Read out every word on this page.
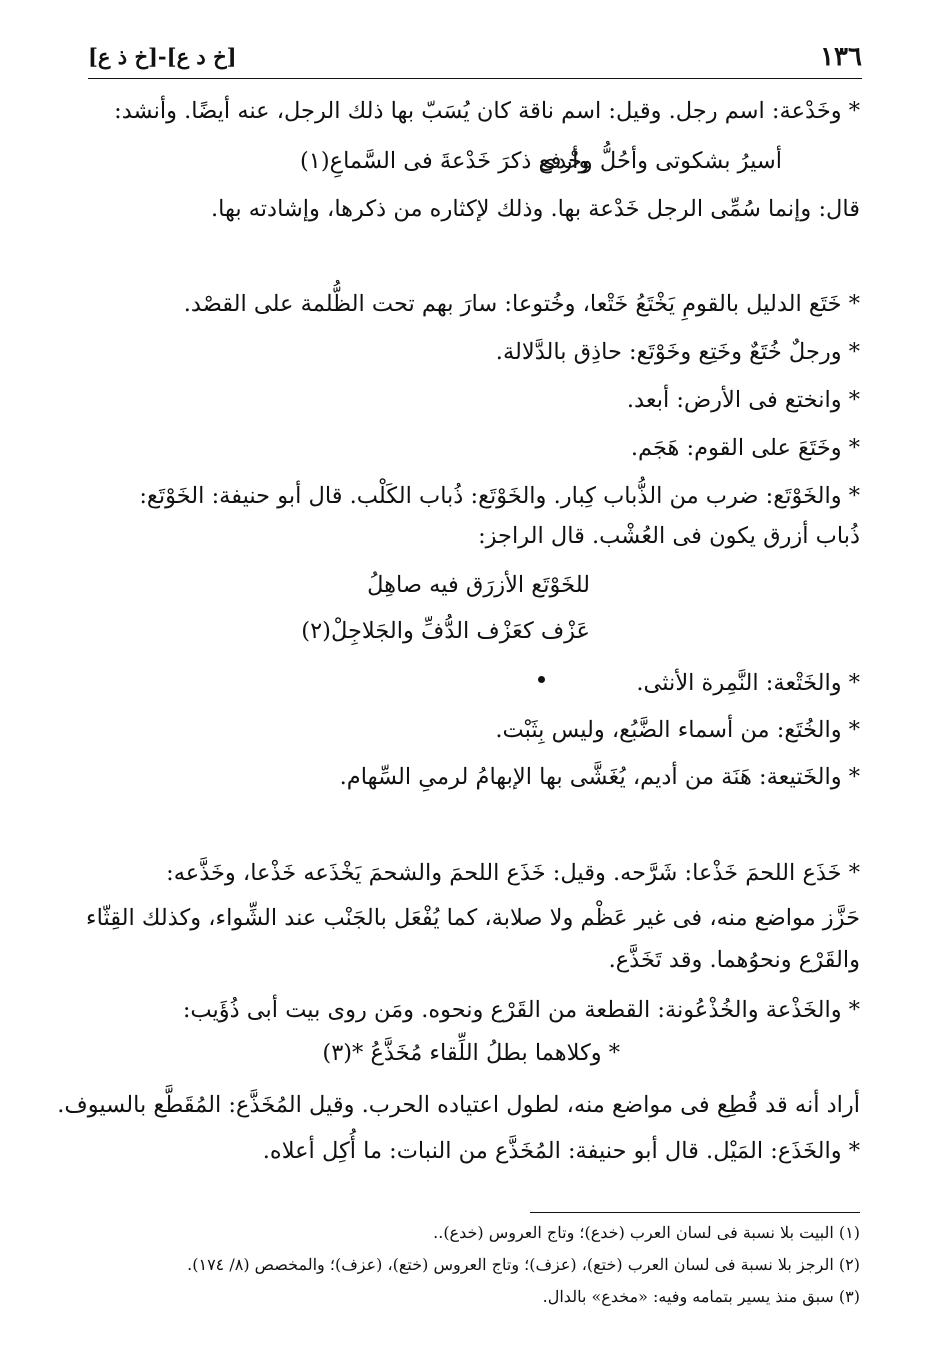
١٣٦
[خ د ع]-[خ ذ ع]
* وخَدْعة: اسم رجل. وقيل: اسم ناقة كان يُسَبّ بها ذلك الرجل، عنه أيضًا. وأنشد:
أسيرُ بشكوتى وأحُلُّ وحْدى
وأرفع ذكرَ خَدْعةَ فى السَّماعِ(١)
قال: وإنما سُمِّى الرجل خَدْعة بها. وذلك لإكثاره من ذكرها، وإشادته بها.
* خَتَع الدليل بالقومِ يَخْتَعُ خَتْعا، وخُتوعا: سارَ بهم تحت الظُّلمة على القصْد.
* ورجلٌ خُتَعٌ وخَتِع وخَوْتَع: حاذِق بالدَّلالة.
* وانختع فى الأرض: أبعد.
* وخَتَعَ على القوم: هَجَم.
* والخَوْتَع: ضرب من الذُّباب كِبار. والخَوْتَع: ذُباب الكَلْب. قال أبو حنيفة: الخَوْتَع:
ذُباب أزرق يكون فى العُشْب. قال الراجز:
للخَوْتَع الأزرَق فيه صاهِلُ
عَزْف كعَزْف الدُّفِّ والجَلاجِلْ(٢)
* والخَتْعة: النَّمِرة الأنثى.
* والخُتَع: من أسماء الضَّبُع، وليس بِثَبْت.
* والخَتيعة: هَنَة من أديم، يُغَشَّى بها الإبهامُ لرمىِ السِّهام.
* خَذَع اللحمَ خَذْعا: شَرَّحه. وقيل: خَذَع اللحمَ والشحمَ يَخْذَعه خَذْعا، وخَذَّعه:
حَزَّز مواضع منه، فى غير عَظْم ولا صلابة، كما يُفْعَل بالجَنْب عند الشِّواء، وكذلك القِثّاء
والقَرْع ونحوُهما. وقد تَخَذَّع.
* والخَذْعة والخُذْعُونة: القطعة من القَرْع ونحوه. ومَن روى بيت أبى ذُؤَيب:
* وكلاهما بطلُ اللِّقاء مُخَذَّعُ *(٣)
أراد أنه قد قُطِع فى مواضع منه، لطول اعتياده الحرب. وقيل المُخَذَّع: المُقَطَّع بالسيوف.
* والخَذَع: المَيْل. قال أبو حنيفة: المُخَذَّع من النبات: ما أُكِل أعلاه.
(١) البيت بلا نسبة فى لسان العرب (خدع)؛ وتاج العروس (خدع)..
(٢) الرجز بلا نسبة فى لسان العرب (ختع)، (عزف)؛ وتاج العروس (ختع)، (عزف)؛ والمخصص (٨/ ١٧٤).
(٣) سبق منذ يسير بتمامه وفيه: «مخدع» بالدال.
